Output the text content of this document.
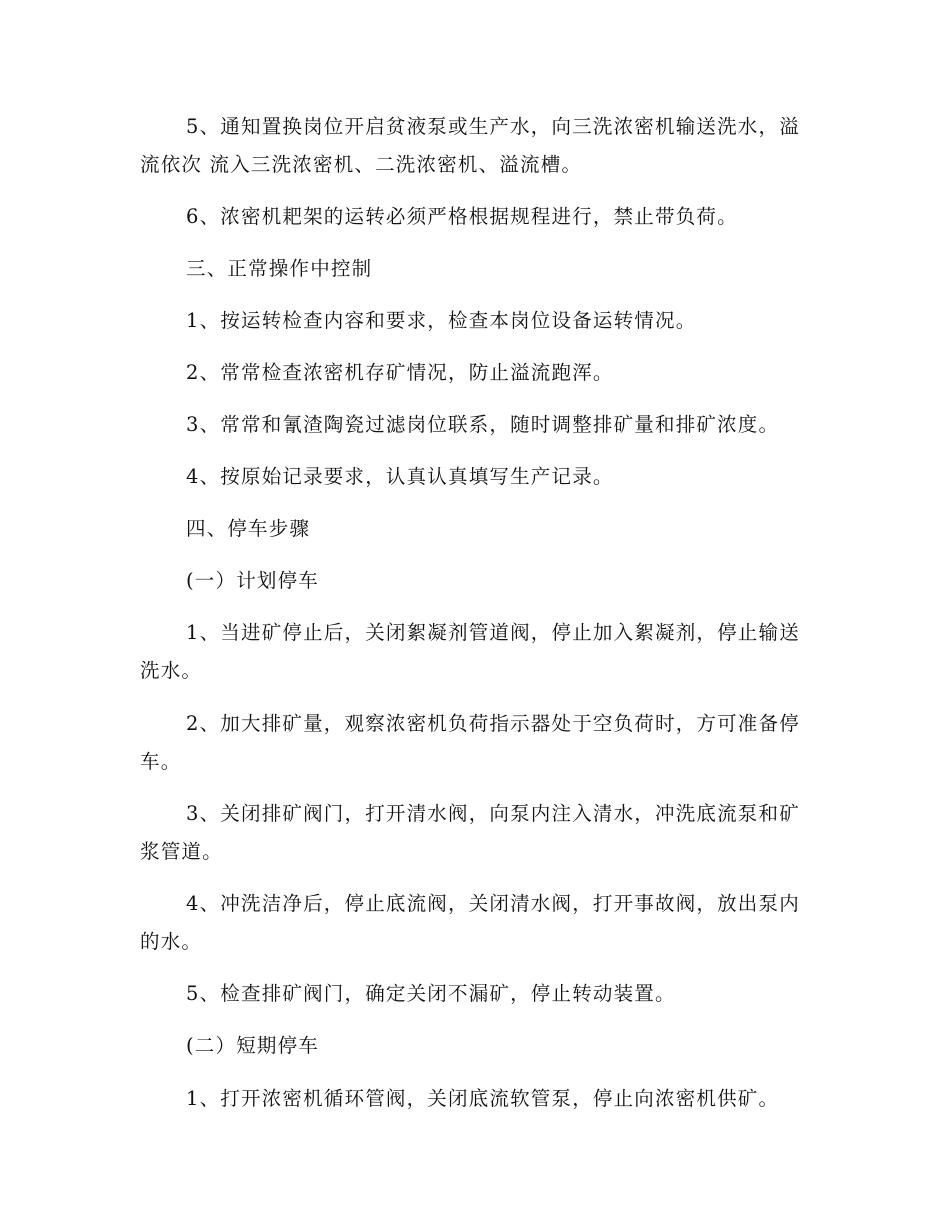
5、通知置换岗位开启贫液泵或生产水，向三洗浓密机输送洗水，溢流依次 流入三洗浓密机、二洗浓密机、溢流槽。

6、浓密机耙架的运转必须严格根据规程进行，禁止带负荷。

三、正常操作中控制

1、按运转检查内容和要求，检查本岗位设备运转情况。

2、常常检查浓密机存矿情况，防止溢流跑浑。

3、常常和氰渣陶瓷过滤岗位联系，随时调整排矿量和排矿浓度。

4、按原始记录要求，认真认真填写生产记录。

四、停车步骤

(一）计划停车

1、当进矿停止后，关闭絮凝剂管道阀，停止加入絮凝剂，停止输送洗水。

2、加大排矿量，观察浓密机负荷指示器处于空负荷时，方可准备停车。

3、关闭排矿阀门，打开清水阀，向泵内注入清水，冲洗底流泵和矿浆管道。

4、冲洗洁净后，停止底流阀，关闭清水阀，打开事故阀，放出泵内的水。

5、检查排矿阀门，确定关闭不漏矿，停止转动装置。

(二）短期停车

1、打开浓密机循环管阀，关闭底流软管泵，停止向浓密机供矿。
